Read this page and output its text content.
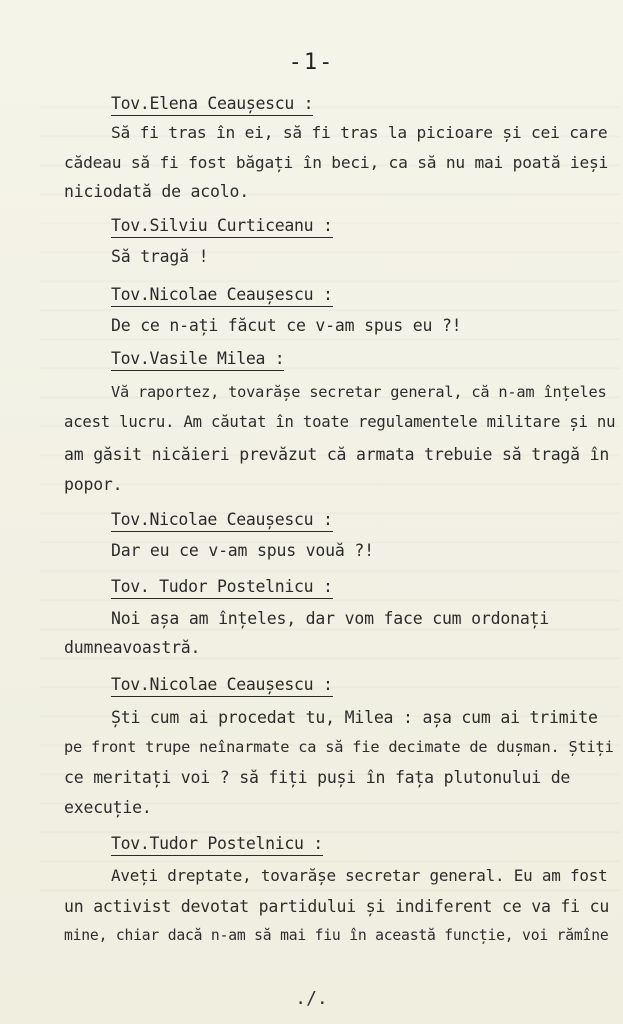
-1-
Tov.Elena Ceaușescu :
Să fi tras în ei, să fi tras la picioare și cei care
cădeau să fi fost băgați în beci, ca să nu mai poată ieși
niciodată de acolo.
Tov.Silviu Curticeanu :
Să tragă !
Tov.Nicolae Ceaușescu :
De ce n-ați făcut ce v-am spus eu ?!
Tov.Vasile Milea :
Vă raportez, tovarășe secretar general, că n-am înțeles
acest lucru. Am căutat în toate regulamentele militare și nu
am găsit nicăieri prevăzut că armata trebuie să tragă în
popor.
Tov.Nicolae Ceaușescu :
Dar eu ce v-am spus vouă ?!
Tov. Tudor Postelnicu :
Noi așa am înțeles, dar vom face cum ordonați
dumneavoastră.
Tov.Nicolae Ceaușescu :
Ști cum ai procedat tu, Milea : așa cum ai trimite
pe front trupe neînarmate ca să fie decimate de dușman. Știți
ce meritați voi ? să fiți puși în fața plutonului de
execuție.
Tov.Tudor Postelnicu :
Aveți dreptate, tovarășe secretar general. Eu am fost
un activist devotat partidului și indiferent ce va fi cu
mine, chiar dacă n-am să mai fiu în această funcție, voi rămîne
./.
